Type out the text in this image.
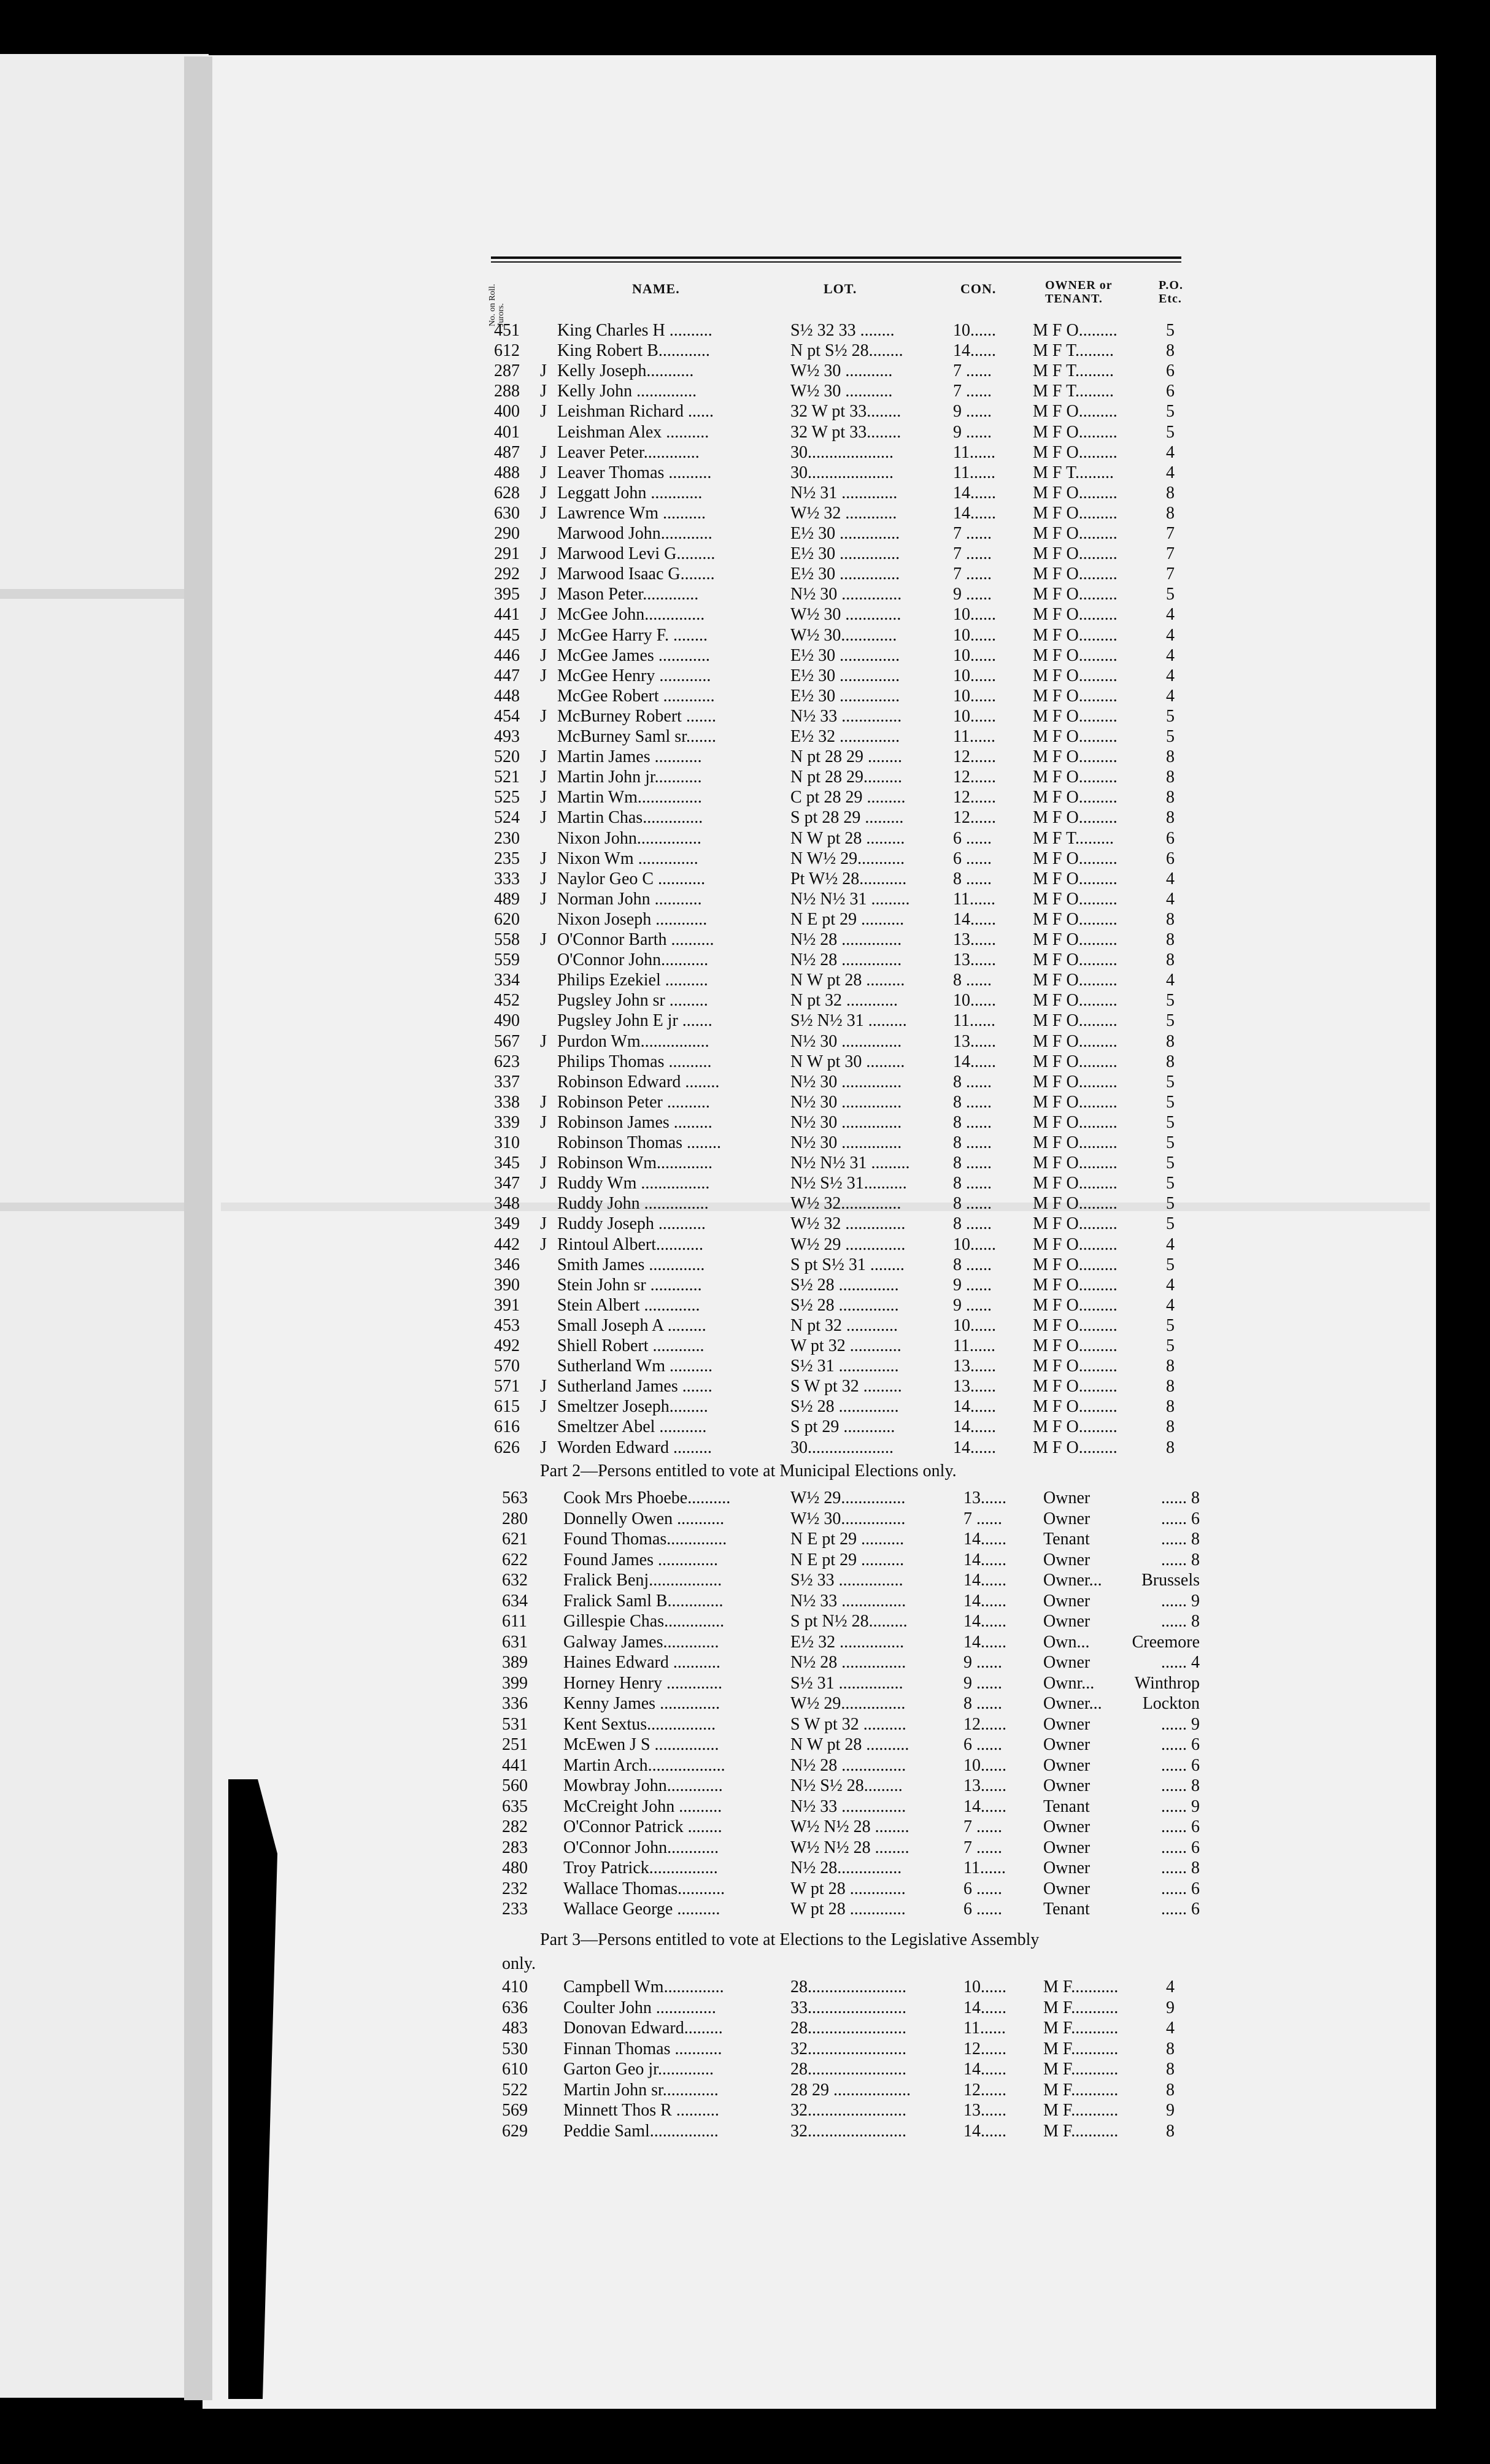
No. on Roll. Jurors.
NAME.	LOT.	CON.	OWNER or TENANT.
P.O. Etc.
451	King Charles H ..........	S½ 32 33 ........	10......	M F O.........	5
612	King Robert B............	N pt S½ 28........	14......	M F T.........	8
287	J Kelly Joseph...........	W½ 30 ...........	7 ......	M F T.........	6
288	J Kelly John ..............	W½ 30 ...........	7 ......	M F T.........	6
400	J Leishman Richard ......	32 W pt 33........	9 ......	M F O.........	5
401	Leishman Alex ..........	32 W pt 33........	9 ......	M F O.........	5
487	J Leaver Peter.............	30....................	11......	M F O.........	4
488	J Leaver Thomas ..........	30....................	11......	M F T.........	4
628	J Leggatt John ............	N½ 31 .............	14......	M F O.........	8
630	J Lawrence Wm ..........	W½ 32 ............	14......	M F O.........	8
290	Marwood John............	E½ 30 ..............	7 ......	M F O.........	7
291	J Marwood Levi G.........	E½ 30 ..............	7 ......	M F O.........	7
292	J Marwood Isaac G........	E½ 30 ..............	7 ......	M F O.........	7
395	J Mason Peter.............	N½ 30 ..............	9 ......	M F O.........	5
441	J McGee John..............	W½ 30 .............	10......	M F O.........	4
445	J McGee Harry F. ........	W½ 30.............	10......	M F O.........	4
446	J McGee James ............	E½ 30 ..............	10......	M F O.........	4
447	J McGee Henry ............	E½ 30 ..............	10......	M F O.........	4
448	McGee Robert ............	E½ 30 ..............	10......	M F O.........	4
454	J McBurney Robert .......	N½ 33 ..............	10......	M F O.........	5
493	McBurney Saml sr.......	E½ 32 ..............	11......	M F O.........	5
520	J Martin James ...........	N pt 28 29 ........	12......	M F O.........	8
521	J Martin John jr...........	N pt 28 29.........	12......	M F O.........	8
525	J Martin Wm...............	C pt 28 29 .........	12......	M F O.........	8
524	J Martin Chas..............	S pt 28 29 .........	12......	M F O.........	8
230	Nixon John...............	N W pt 28 .........	6 ......	M F T.........	6
235	J Nixon Wm ..............	N W½ 29...........	6 ......	M F O.........	6
333	J Naylor Geo C ...........	Pt W½ 28...........	8 ......	M F O.........	4
489	J Norman John ...........	N½ N½ 31 .........	11......	M F O.........	4
620	Nixon Joseph ............	N E pt 29 ..........	14......	M F O.........	8
558	J O'Connor Barth ..........	N½ 28 ..............	13......	M F O.........	8
559	O'Connor John...........	N½ 28 ..............	13......	M F O.........	8
334	Philips Ezekiel ..........	N W pt 28 .........	8 ......	M F O.........	4
452	Pugsley John sr .........	N pt 32 ............	10......	M F O.........	5
490	Pugsley John E jr .......	S½ N½ 31 .........	11......	M F O.........	5
567	J Purdon Wm................	N½ 30 ..............	13......	M F O.........	8
623	Philips Thomas ..........	N W pt 30 .........	14......	M F O.........	8
337	Robinson Edward ........	N½ 30 ..............	8 ......	M F O.........	5
338	J Robinson Peter ..........	N½ 30 ..............	8 ......	M F O.........	5
339	J Robinson James .........	N½ 30 ..............	8 ......	M F O.........	5
310	Robinson Thomas ........	N½ 30 ..............	8 ......	M F O.........	5
345	J Robinson Wm.............	N½ N½ 31 .........	8 ......	M F O.........	5
347	J Ruddy Wm ................	N½ S½ 31..........	8 ......	M F O.........	5
348	Ruddy John ...............	W½ 32..............	8 ......	M F O.........	5
349	J Ruddy Joseph ...........	W½ 32 ..............	8 ......	M F O.........	5
442	J Rintoul Albert...........	W½ 29 ..............	10......	M F O.........	4
346	Smith James .............	S pt S½ 31 ........	8 ......	M F O.........	5
390	Stein John sr ............	S½ 28 ..............	9 ......	M F O.........	4
391	Stein Albert .............	S½ 28 ..............	9 ......	M F O.........	4
453	Small Joseph A .........	N pt 32 ............	10......	M F O.........	5
492	Shiell Robert ............	W pt 32 ............	11......	M F O.........	5
570	Sutherland Wm ..........	S½ 31 ..............	13......	M F O.........	8
571	J Sutherland James .......	S W pt 32 .........	13......	M F O.........	8
615	J Smeltzer Joseph.........	S½ 28 ..............	14......	M F O.........	8
616	Smeltzer Abel ...........	S pt 29 ............	14......	M F O.........	8
626	J Worden Edward .........	30....................	14......	M F O.........	8
Part 2—Persons entitled to vote at Municipal Elections only.
563	Cook Mrs Phoebe..........	W½ 29...............	13......	Owner	...... 8
280	Donnelly Owen ...........	W½ 30...............	7 ......	Owner	...... 6
621	Found Thomas..............	N E pt 29 ..........	14......	Tenant	...... 8
622	Found James ..............	N E pt 29 ..........	14......	Owner	...... 8
632	Fralick Benj.................	S½ 33 ...............	14......	Owner...	Brussels
634	Fralick Saml B.............	N½ 33 ...............	14......	Owner	...... 9
611	Gillespie Chas..............	S pt N½ 28.........	14......	Owner	...... 8
631	Galway James.............	E½ 32 ...............	14......	Own...	Creemore
389	Haines Edward ...........	N½ 28 ...............	9 ......	Owner	...... 4
399	Horney Henry .............	S½ 31 ...............	9 ......	Ownr...	Winthrop
336	Kenny James ..............	W½ 29...............	8 ......	Owner...	Lockton
531	Kent Sextus................	S W pt 32 ..........	12......	Owner	...... 9
251	McEwen J S ...............	N W pt 28 ..........	6 ......	Owner	...... 6
441	Martin Arch..................	N½ 28 ...............	10......	Owner	...... 6
560	Mowbray John.............	N½ S½ 28.........	13......	Owner	...... 8
635	McCreight John ..........	N½ 33 ...............	14......	Tenant	...... 9
282	O'Connor Patrick ........	W½ N½ 28 ........	7 ......	Owner	...... 6
283	O'Connor John............	W½ N½ 28 ........	7 ......	Owner	...... 6
480	Troy Patrick................	N½ 28...............	11......	Owner	...... 8
232	Wallace Thomas...........	W pt 28 .............	6 ......	Owner	...... 6
233	Wallace George ..........	W pt 28 .............	6 ......	Tenant	...... 6
Part 3—Persons entitled to vote at Elections to the Legislative Assembly
only.
410	Campbell Wm..............	28.......................	10......	M F...........	4
636	Coulter John ..............	33.......................	14......	M F...........	9
483	Donovan Edward.........	28.......................	11......	M F...........	4
530	Finnan Thomas ...........	32.......................	12......	M F...........	8
610	Garton Geo jr.............	28.......................	14......	M F...........	8
522	Martin John sr.............	28 29 ..................	12......	M F...........	8
569	Minnett Thos R ..........	32.......................	13......	M F...........	9
629	Peddie Saml................	32.......................	14......	M F...........	8
